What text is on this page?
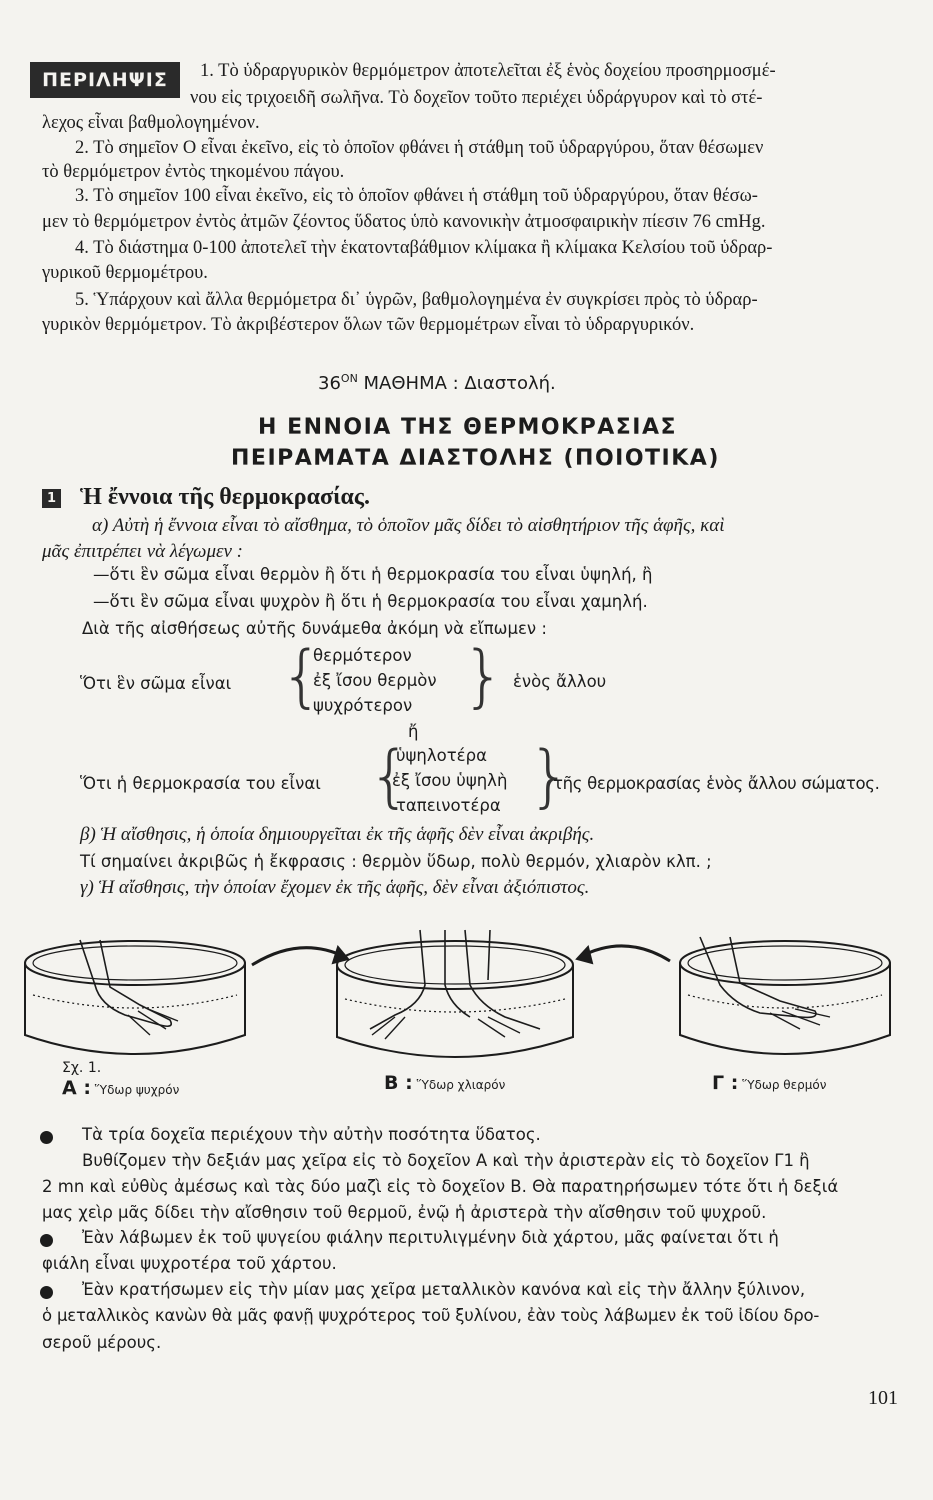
ΠΕΡΙΛΗΨΙΣ	1. Τὸ ὑδραργυρικὸν θερμόμετρον ἀποτελεῖται ἐξ ἑνὸς δοχείου προσηρμοσμέ-
νου εἰς τριχοειδῆ σωλῆνα. Τὸ δοχεῖον τοῦτο περιέχει ὑδράργυρον καὶ τὸ στέ-
λεχος εἶναι βαθμολογημένον.
2. Τὸ σημεῖον Ο εἶναι ἐκεῖνο, εἰς τὸ ὁποῖον φθάνει ἡ στάθμη τοῦ ὑδραργύρου, ὅταν θέσωμεν
τὸ θερμόμετρον ἐντὸς τηκομένου πάγου.
3. Τὸ σημεῖον 100 εἶναι ἐκεῖνο, εἰς τὸ ὁποῖον φθάνει ἡ στάθμη τοῦ ὑδραργύρου, ὅταν θέσω-
μεν τὸ θερμόμετρον ἐντὸς ἀτμῶν ζέοντος ὕδατος ὑπὸ κανονικὴν ἀτμοσφαιρικὴν πίεσιν 76 cmHg.
4. Τὸ διάστημα 0-100 ἀποτελεῖ τὴν ἑκατονταβάθμιον κλίμακα ἢ κλίμακα Κελσίου τοῦ ὑδραρ-
γυρικοῦ θερμομέτρου.
5. Ὑπάρχουν καὶ ἄλλα θερμόμετρα δι᾿ ὑγρῶν, βαθμολογημένα ἐν συγκρίσει πρὸς τὸ ὑδραρ-
γυρικὸν θερμόμετρον. Τὸ ἀκριβέστερον ὅλων τῶν θερμομέτρων εἶναι τὸ ὑδραργυρικόν.
$36^{ON}$ ΜΑΘΗΜΑ : Διαστολή.
Η ΕΝΝΟΙΑ ΤΗΣ ΘΕΡΜΟΚΡΑΣΙΑΣ
ΠΕΙΡΑΜΑΤΑ ΔΙΑΣΤΟΛΗΣ (ΠΟΙΟΤΙΚΑ)
1 Ἡ ἔννοια τῆς θερμοκρασίας.
α) Αὐτὴ ἡ ἔννοια εἶναι τὸ αἴσθημα, τὸ ὁποῖον μᾶς δίδει τὸ αἰσθητήριον τῆς ἁφῆς, καὶ
μᾶς ἐπιτρέπει νὰ λέγωμεν :
—ὅτι ἓν σῶμα εἶναι θερμὸν ἢ ὅτι ἡ θερμοκρασία του εἶναι ὑψηλή, ἢ
—ὅτι ἓν σῶμα εἶναι ψυχρὸν ἢ ὅτι ἡ θερμοκρασία του εἶναι χαμηλή.
Διὰ τῆς αἰσθήσεως αὐτῆς δυνάμεθα ἀκόμη νὰ εἴπωμεν :
Ὅτι ἓν σῶμα εἶναι {
θερμότερον
ἐξ ἴσου θερμὸν
ψυχρότερον } ἑνὸς ἄλλου
ἤ
Ὅτι ἡ θερμοκρασία του εἶναι {
ὑψηλοτέρα
ἐξ ἴσου ὑψηλὴ
ταπεινοτέρα }
τῆς θερμοκρασίας ἑνὸς ἄλλου σώματος.
β) Ἡ αἴσθησις, ἡ ὁποία δημιουργεῖται ἐκ τῆς ἁφῆς δὲν εἶναι ἀκριβής.
Τί σημαίνει ἀκριβῶς ἡ ἔκφρασις : θερμὸν ὕδωρ, πολὺ θερμόν, χλιαρὸν κλπ. ;
γ) Ἡ αἴσθησις, τὴν ὁποίαν ἔχομεν ἐκ τῆς ἁφῆς, δὲν εἶναι ἀξιόπιστος.
Σχ. 1.
Α : Ὕδωρ ψυχρόν	Β : Ὕδωρ χλιαρόν	Γ : Ὕδωρ θερμόν
Τὰ τρία δοχεῖα περιέχουν τὴν αὐτὴν ποσότητα ὕδατος.
Βυθίζομεν τὴν δεξιάν μας χεῖρα εἰς τὸ δοχεῖον Α καὶ τὴν ἀριστερὰν εἰς τὸ δοχεῖον Γ1 ἢ
2 mn καὶ εὐθὺς ἀμέσως καὶ τὰς δύο μαζὶ εἰς τὸ δοχεῖον Β. Θὰ παρατηρήσωμεν τότε ὅτι ἡ δεξιά
μας χεὶρ μᾶς δίδει τὴν αἴσθησιν τοῦ θερμοῦ, ἐνῷ ἡ ἀριστερὰ τὴν αἴσθησιν τοῦ ψυχροῦ.
Ἐὰν λάβωμεν ἐκ τοῦ ψυγείου φιάλην περιτυλιγμένην διὰ χάρτου, μᾶς φαίνεται ὅτι ἡ
φιάλη εἶναι ψυχροτέρα τοῦ χάρτου.
Ἐὰν κρατήσωμεν εἰς τὴν μίαν μας χεῖρα μεταλλικὸν κανόνα καὶ εἰς τὴν ἄλλην ξύλινον,
ὁ μεταλλικὸς κανὼν θὰ μᾶς φανῇ ψυχρότερος τοῦ ξυλίνου, ἐὰν τοὺς λάβωμεν ἐκ τοῦ ἰδίου δρο-
σεροῦ μέρους.
101
